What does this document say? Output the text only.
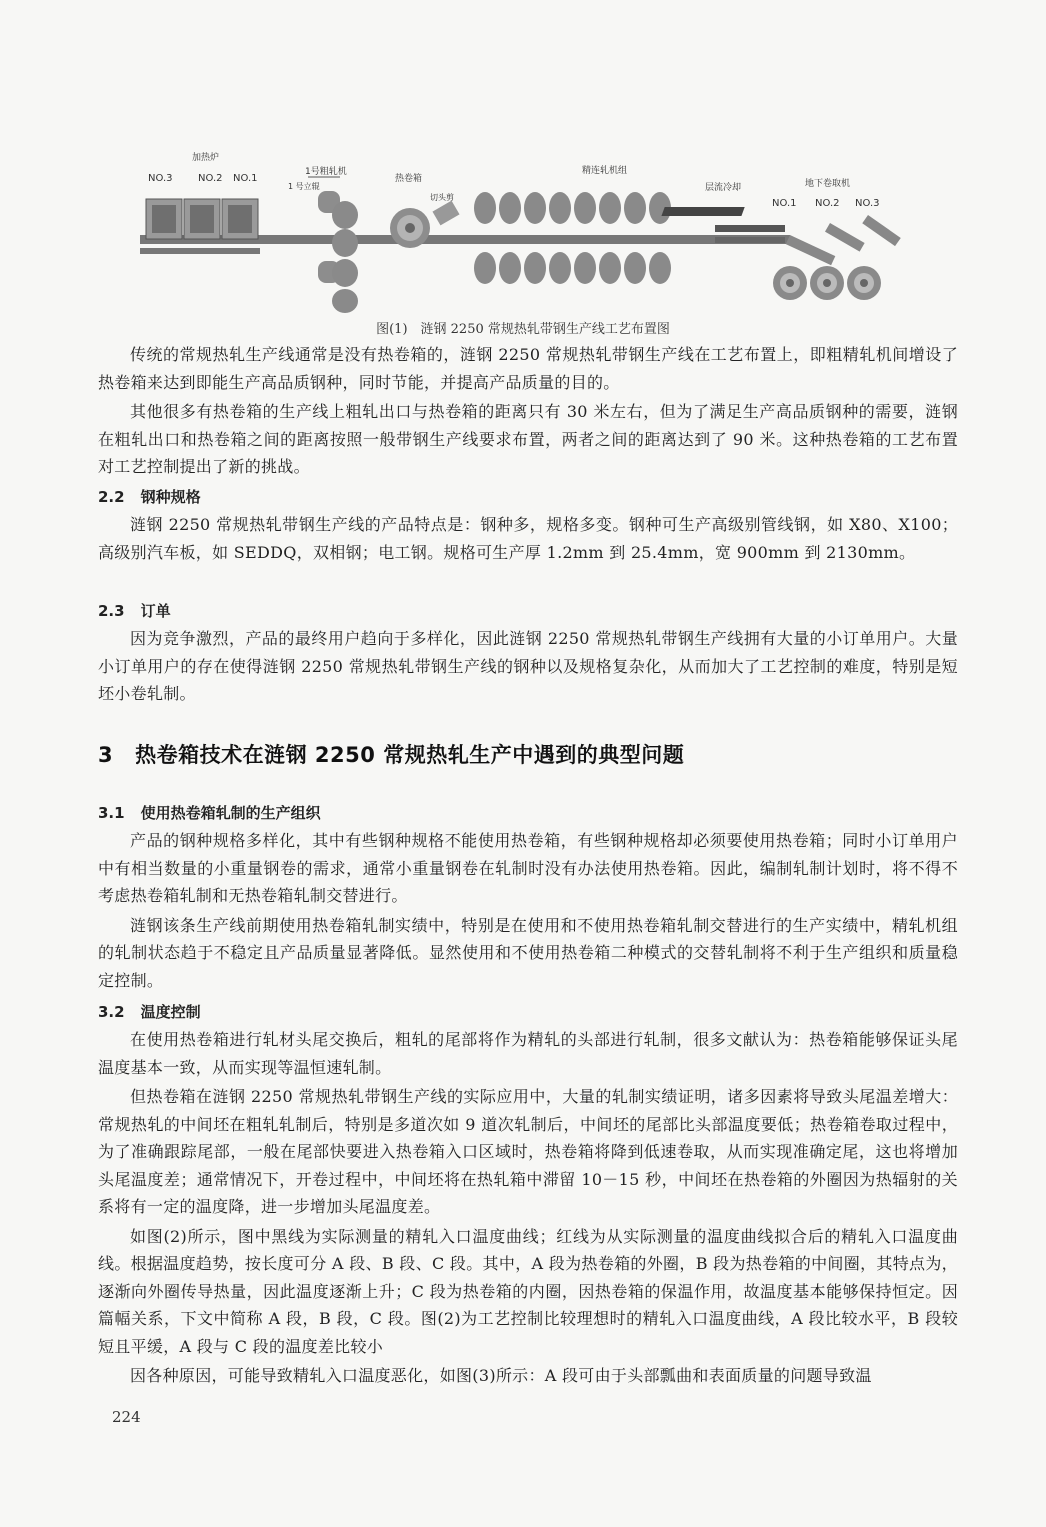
加热炉
NO.3	NO.2 NO.1
1号粗轧机
1 号立辊
热卷箱
切头剪
精连轧机组
层流冷却	地下卷取机
NO.1 NO.2 NO.3
图(1)　涟钢 2250 常规热轧带钢生产线工艺布置图

传统的常规热轧生产线通常是没有热卷箱的，涟钢 2250 常规热轧带钢生产线在工艺布置上，即粗精轧机间增设了热卷箱来达到即能生产高品质钢种，同时节能，并提高产品质量的目的。

其他很多有热卷箱的生产线上粗轧出口与热卷箱的距离只有 30 米左右，但为了满足生产高品质钢种的需要，涟钢在粗轧出口和热卷箱之间的距离按照一般带钢生产线要求布置，两者之间的距离达到了 90 米。这种热卷箱的工艺布置对工艺控制提出了新的挑战。

2.2 钢种规格

涟钢 2250 常规热轧带钢生产线的产品特点是：钢种多，规格多变。钢种可生产高级别管线钢，如 X80、X100；高级别汽车板，如 SEDDQ，双相钢；电工钢。规格可生产厚 1.2mm 到 25.4mm，宽 900mm 到 2130mm。

2.3 订单

因为竞争激烈，产品的最终用户趋向于多样化，因此涟钢 2250 常规热轧带钢生产线拥有大量的小订单用户。大量小订单用户的存在使得涟钢 2250 常规热轧带钢生产线的钢种以及规格复杂化，从而加大了工艺控制的难度，特别是短坯小卷轧制。

3 热卷箱技术在涟钢 2250 常规热轧生产中遇到的典型问题
3.1 使用热卷箱轧制的生产组织

产品的钢种规格多样化，其中有些钢种规格不能使用热卷箱，有些钢种规格却必须要使用热卷箱；同时小订单用户中有相当数量的小重量钢卷的需求，通常小重量钢卷在轧制时没有办法使用热卷箱。因此，编制轧制计划时，将不得不考虑热卷箱轧制和无热卷箱轧制交替进行。

涟钢该条生产线前期使用热卷箱轧制实绩中，特别是在使用和不使用热卷箱轧制交替进行的生产实绩中，精轧机组的轧制状态趋于不稳定且产品质量显著降低。显然使用和不使用热卷箱二种模式的交替轧制将不利于生产组织和质量稳定控制。

3.2 温度控制

在使用热卷箱进行轧材头尾交换后，粗轧的尾部将作为精轧的头部进行轧制，很多文献认为：热卷箱能够保证头尾温度基本一致，从而实现等温恒速轧制。

但热卷箱在涟钢 2250 常规热轧带钢生产线的实际应用中，大量的轧制实绩证明，诸多因素将导致头尾温差增大：常规热轧的中间坯在粗轧轧制后，特别是多道次如 9 道次轧制后，中间坯的尾部比头部温度要低；热卷箱卷取过程中，为了准确跟踪尾部，一般在尾部快要进入热卷箱入口区域时，热卷箱将降到低速卷取，从而实现准确定尾，这也将增加头尾温度差；通常情况下，开卷过程中，中间坯将在热轧箱中滞留 10－15 秒，中间坯在热卷箱的外圈因为热辐射的关系将有一定的温度降，进一步增加头尾温度差。

如图(2)所示，图中黑线为实际测量的精轧入口温度曲线；红线为从实际测量的温度曲线拟合后的精轧入口温度曲线。根据温度趋势，按长度可分 A 段、B 段、C 段。其中，A 段为热卷箱的外圈，B 段为热卷箱的中间圈，其特点为，逐渐向外圈传导热量，因此温度逐渐上升；C 段为热卷箱的内圈，因热卷箱的保温作用，故温度基本能够保持恒定。因篇幅关系，下文中简称 A 段，B 段，C 段。图(2)为工艺控制比较理想时的精轧入口温度曲线，A 段比较水平，B 段较短且平缓，A 段与 C 段的温度差比较小

因各种原因，可能导致精轧入口温度恶化，如图(3)所示：A 段可由于头部瓢曲和表面质量的问题导致温

224
